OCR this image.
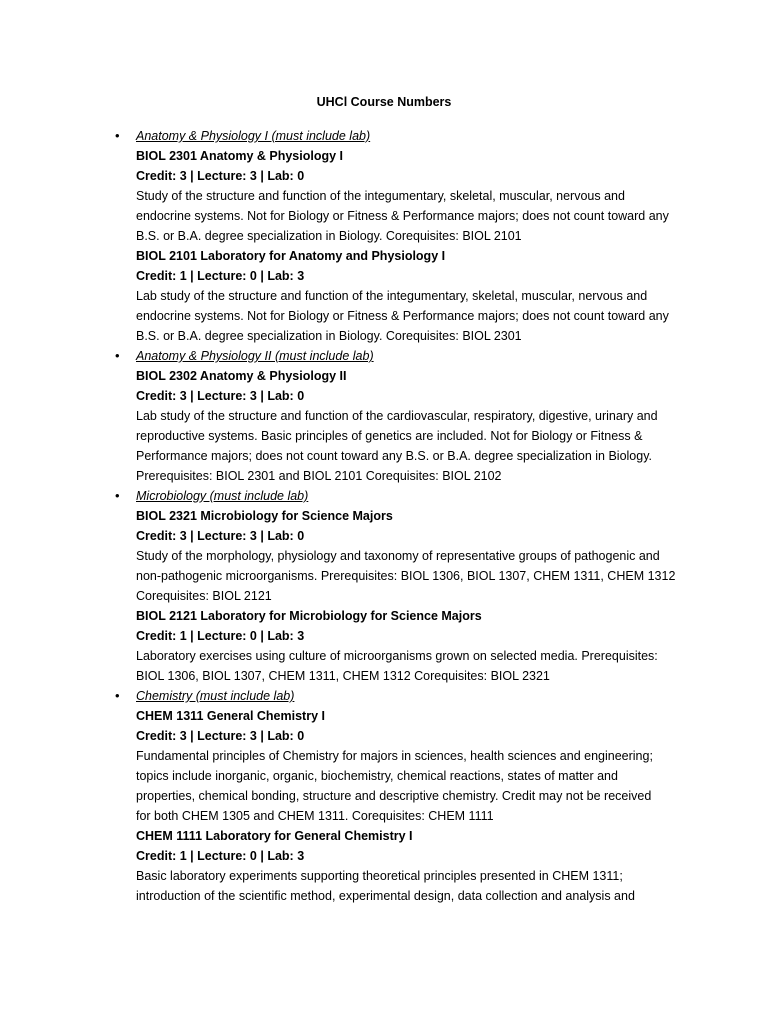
UHCl Course Numbers
•	Anatomy & Physiology I (must include lab)
BIOL 2301 Anatomy & Physiology I
Credit: 3 | Lecture: 3 | Lab: 0
Study of the structure and function of the integumentary, skeletal, muscular, nervous and
endocrine systems. Not for Biology or Fitness & Performance majors; does not count toward any
B.S. or B.A. degree specialization in Biology. Corequisites: BIOL 2101
BIOL 2101 Laboratory for Anatomy and Physiology I
Credit: 1 | Lecture: 0 | Lab: 3
Lab study of the structure and function of the integumentary, skeletal, muscular, nervous and
endocrine systems. Not for Biology or Fitness & Performance majors; does not count toward any
B.S. or B.A. degree specialization in Biology. Corequisites: BIOL 2301
•	Anatomy & Physiology II (must include lab)
BIOL 2302 Anatomy & Physiology II
Credit: 3 | Lecture: 3 | Lab: 0
Lab study of the structure and function of the cardiovascular, respiratory, digestive, urinary and
reproductive systems. Basic principles of genetics are included. Not for Biology or Fitness &
Performance majors; does not count toward any B.S. or B.A. degree specialization in Biology.
Prerequisites: BIOL 2301 and BIOL 2101 Corequisites: BIOL 2102
•	Microbiology (must include lab)
BIOL 2321 Microbiology for Science Majors
Credit: 3 | Lecture: 3 | Lab: 0
Study of the morphology, physiology and taxonomy of representative groups of pathogenic and
non-pathogenic microorganisms. Prerequisites: BIOL 1306, BIOL 1307, CHEM 1311, CHEM 1312
Corequisites: BIOL 2121
BIOL 2121 Laboratory for Microbiology for Science Majors
Credit: 1 | Lecture: 0 | Lab: 3
Laboratory exercises using culture of microorganisms grown on selected media. Prerequisites:
BIOL 1306, BIOL 1307, CHEM 1311, CHEM 1312 Corequisites: BIOL 2321
•	Chemistry (must include lab)
CHEM 1311 General Chemistry I
Credit: 3 | Lecture: 3 | Lab: 0
Fundamental principles of Chemistry for majors in sciences, health sciences and engineering;
topics include inorganic, organic, biochemistry, chemical reactions, states of matter and
properties, chemical bonding, structure and descriptive chemistry. Credit may not be received
for both CHEM 1305 and CHEM 1311. Corequisites: CHEM 1111
CHEM 1111 Laboratory for General Chemistry I
Credit: 1 | Lecture: 0 | Lab: 3
Basic laboratory experiments supporting theoretical principles presented in CHEM 1311;
introduction of the scientific method, experimental design, data collection and analysis and
